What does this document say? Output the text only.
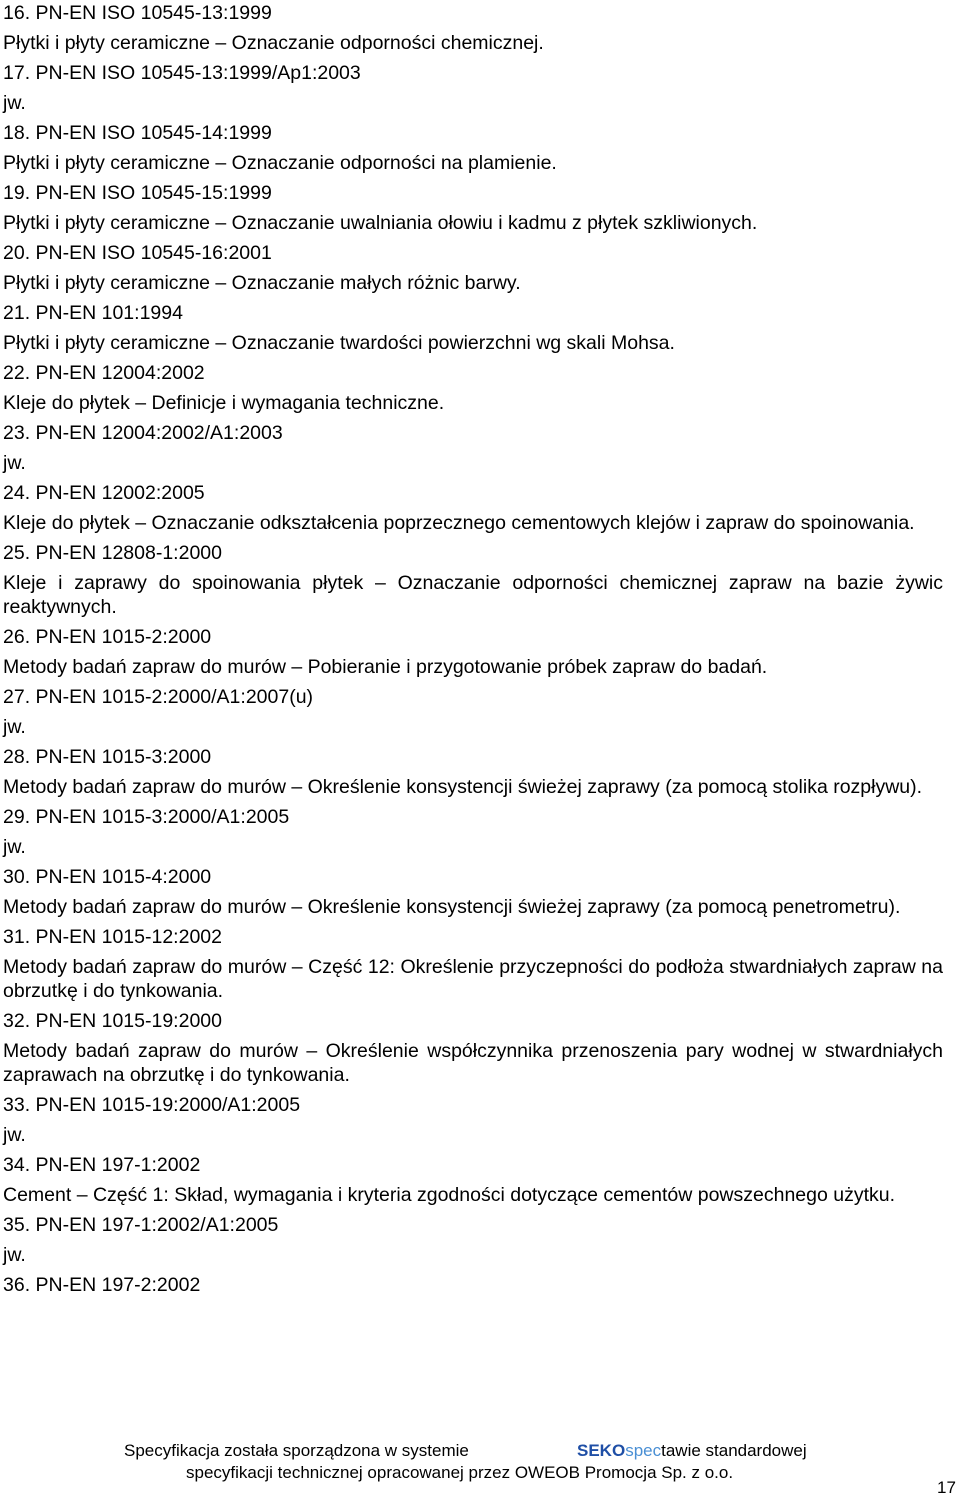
16. PN-EN ISO 10545-13:1999

Płytki i płyty ceramiczne – Oznaczanie odporności chemicznej.

17. PN-EN ISO 10545-13:1999/Ap1:2003

jw.

18. PN-EN ISO 10545-14:1999

Płytki i płyty ceramiczne – Oznaczanie odporności na plamienie.

19. PN-EN ISO 10545-15:1999

Płytki i płyty ceramiczne – Oznaczanie uwalniania ołowiu i kadmu z płytek szkliwionych.

20. PN-EN ISO 10545-16:2001

Płytki i płyty ceramiczne – Oznaczanie małych różnic barwy.

21. PN-EN 101:1994

Płytki i płyty ceramiczne – Oznaczanie twardości powierzchni wg skali Mohsa.

22. PN-EN 12004:2002

Kleje do płytek – Definicje i wymagania techniczne.

23. PN-EN 12004:2002/A1:2003

jw.

24. PN-EN 12002:2005

Kleje do płytek – Oznaczanie odkształcenia poprzecznego cementowych klejów i zapraw do spoinowania.

25. PN-EN 12808-1:2000

Kleje i zaprawy do spoinowania płytek – Oznaczanie odporności chemicznej zapraw na bazie żywic reaktywnych.

26. PN-EN 1015-2:2000

Metody badań zapraw do murów – Pobieranie i przygotowanie próbek zapraw do badań.

27. PN-EN 1015-2:2000/A1:2007(u)

jw.

28. PN-EN 1015-3:2000

Metody badań zapraw do murów – Określenie konsystencji świeżej zaprawy (za pomocą stolika rozpływu).

29. PN-EN 1015-3:2000/A1:2005

jw.

30. PN-EN 1015-4:2000

Metody badań zapraw do murów – Określenie konsystencji świeżej zaprawy (za pomocą penetrometru).

31. PN-EN 1015-12:2002

Metody badań zapraw do murów – Część 12: Określenie przyczepności do podłoża stwardniałych zapraw na obrzutkę i do tynkowania.

32. PN-EN 1015-19:2000

Metody badań zapraw do murów – Określenie współczynnika przenoszenia pary wodnej w stwardniałych zaprawach na obrzutkę i do tynkowania.

33. PN-EN 1015-19:2000/A1:2005

jw.

34. PN-EN 197-1:2002

Cement – Część 1: Skład, wymagania i kryteria zgodności dotyczące cementów powszechnego użytku.

35. PN-EN 197-1:2002/A1:2005

jw.

36. PN-EN 197-2:2002

Specyfikacja została sporządzona w systemie	SEKOspectawie standardowej
specyfikacji technicznej opracowanej przez OWEOB Promocja Sp. z o.o.
17
